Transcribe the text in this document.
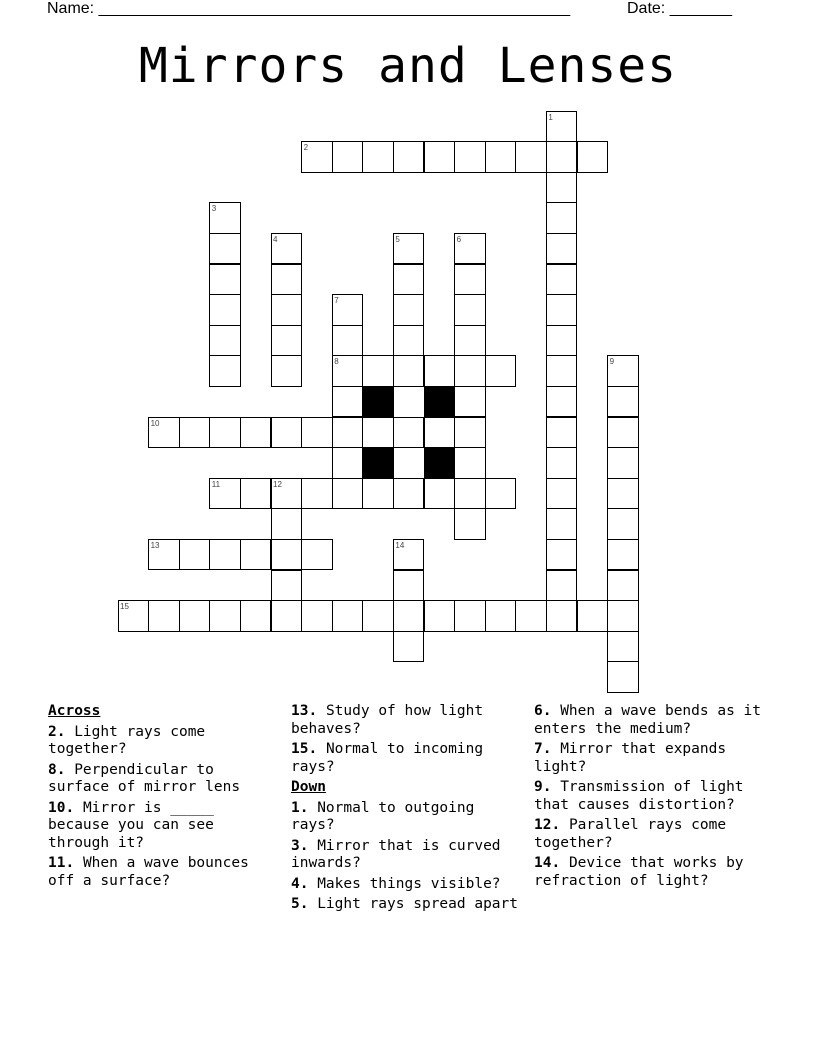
Name: _____________________________________________________	Date: _______
Mirrors and Lenses
1
2
3
4	5	6
7
8	9
10
11	12
13	14
15
Across
2. Light rays come together?
8. Perpendicular to surface of mirror lens
10. Mirror is _____ because you can see through it?
11. When a wave bounces off a surface?
13. Study of how light behaves?
15. Normal to incoming rays?
Down
1. Normal to outgoing rays?
3. Mirror that is curved inwards?
4. Makes things visible?
5. Light rays spread apart
6. When a wave bends as it enters the medium?
7. Mirror that expands light?
9. Transmission of light that causes distortion?
12. Parallel rays come together?
14. Device that works by refraction of light?
